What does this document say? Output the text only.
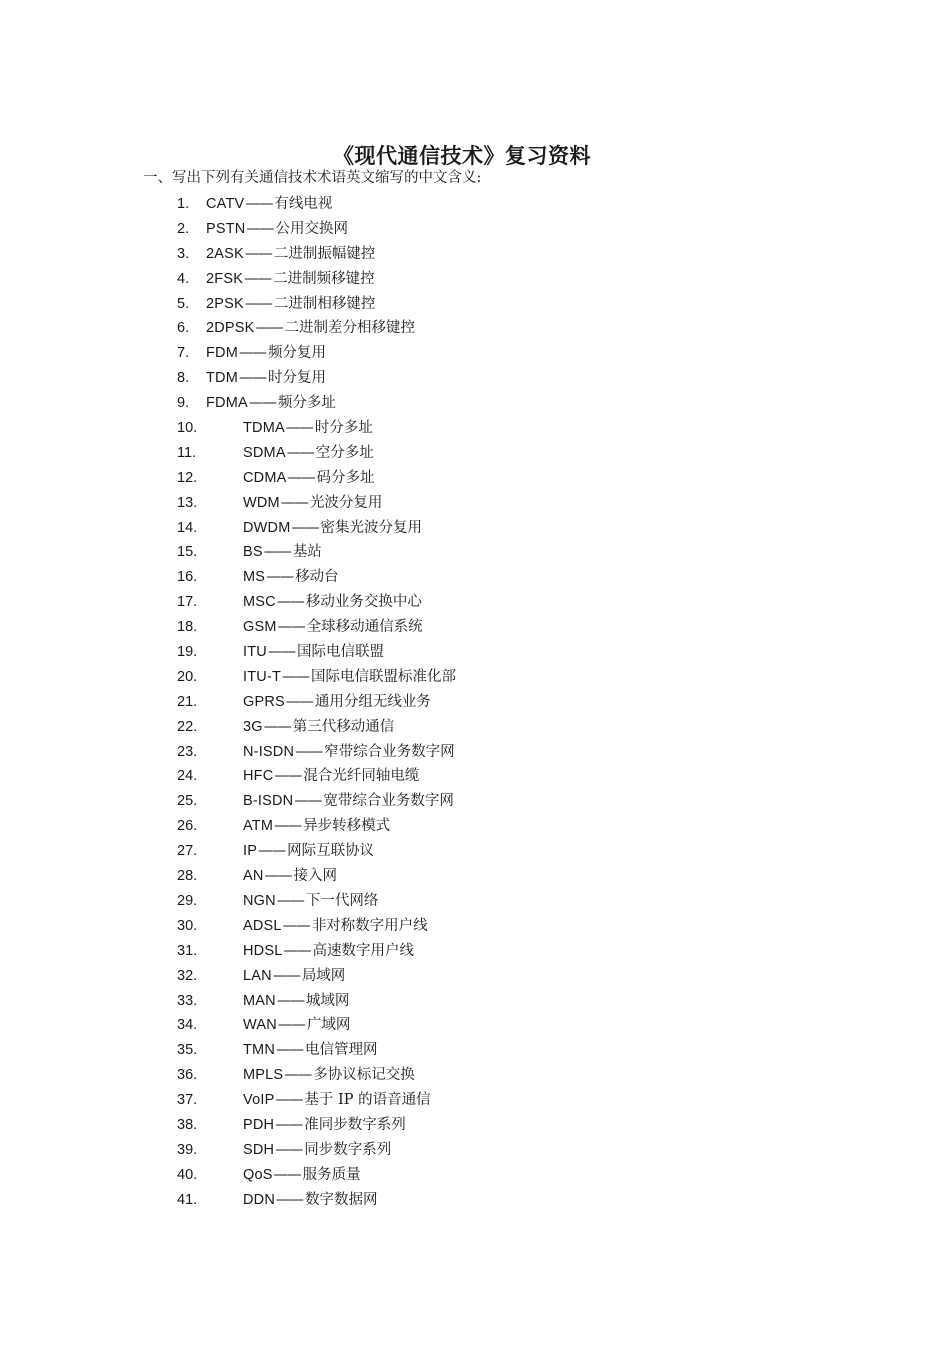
《现代通信技术》复习资料
一、写出下列有关通信技术术语英文缩写的中文含义:
1. CATV—— 有线电视
2. PSTN—— 公用交换网
3. 2ASK—— 二进制振幅键控
4. 2FSK—— 二进制频移键控
5. 2PSK—— 二进制相移键控
6. 2DPSK—— 二进制差分相移键控
7. FDM—— 频分复用
8. TDM—— 时分复用
9. FDMA—— 频分多址
10.	TDMA—— 时分多址
11.	SDMA—— 空分多址
12.	CDMA—— 码分多址
13.	WDM—— 光波分复用
14.	DWDM—— 密集光波分复用
15.	BS—— 基站
16.	MS—— 移动台
17.	MSC—— 移动业务交换中心
18.	GSM—— 全球移动通信系统
19.	ITU—— 国际电信联盟
20.	ITU-T—— 国际电信联盟标准化部
21.	GPRS—— 通用分组无线业务
22.	3G—— 第三代移动通信
23.	N-ISDN—— 窄带综合业务数字网
24.	HFC—— 混合光纤同轴电缆
25.	B-ISDN—— 宽带综合业务数字网
26.	ATM—— 异步转移模式
27.	IP—— 网际互联协议
28.	AN—— 接入网
29.	NGN—— 下一代网络
30.	ADSL—— 非对称数字用户线
31.	HDSL—— 高速数字用户线
32.	LAN—— 局域网
33.	MAN—— 城域网
34.	WAN—— 广域网
35.	TMN—— 电信管理网
36.	MPLS—— 多协议标记交换
37.	VoIP—— 基于 IP 的语音通信
38.	PDH—— 准同步数字系列
39.	SDH—— 同步数字系列
40.	QoS—— 服务质量
41.	DDN—— 数字数据网
